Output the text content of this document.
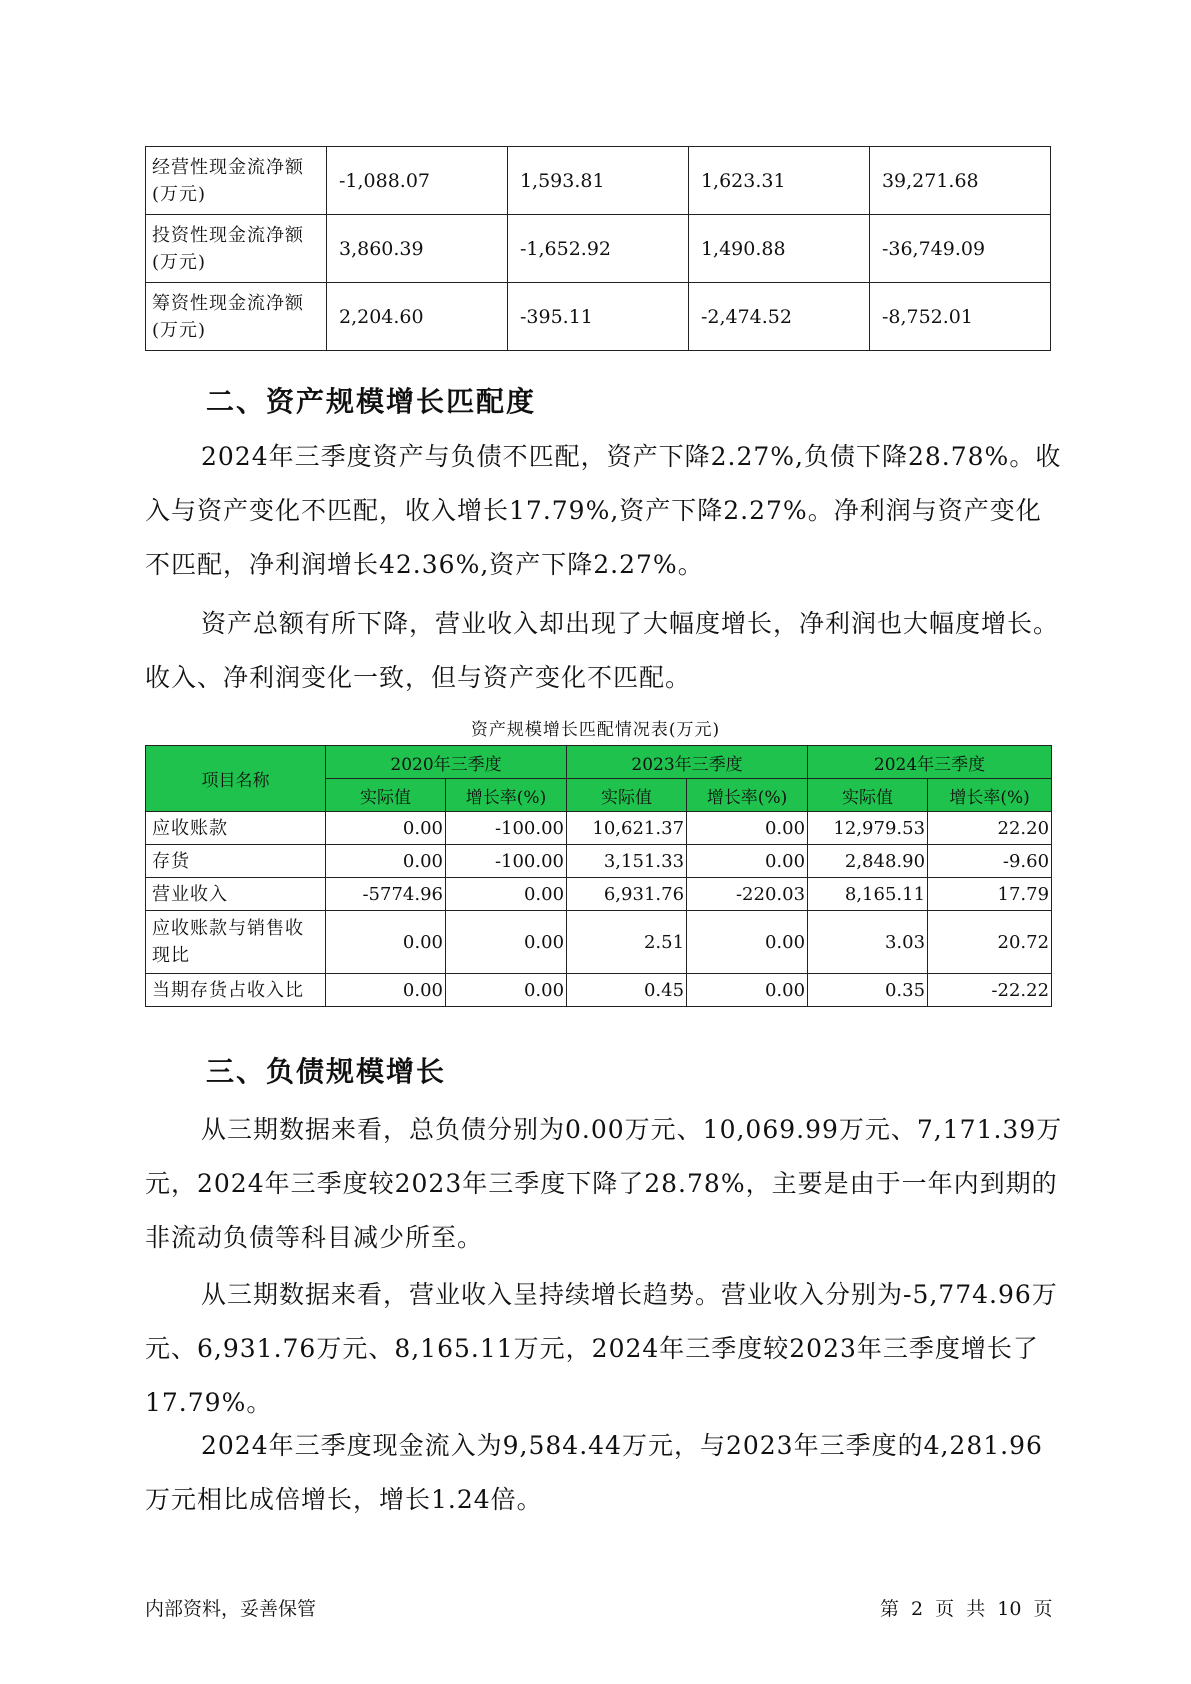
经营性现金流净额(万元)	-1,088.07	1,593.81	1,623.31	39,271.68
投资性现金流净额(万元)	3,860.39	-1,652.92	1,490.88	-36,749.09
筹资性现金流净额(万元)	2,204.60	-395.11	-2,474.52	-8,752.01
二、资产规模增长匹配度

2024年三季度资产与负债不匹配，资产下降2.27%,负债下降28.78%。收入与资产变化不匹配，收入增长17.79%,资产下降2.27%。净利润与资产变化不匹配，净利润增长42.36%,资产下降2.27%。

资产总额有所下降，营业收入却出现了大幅度增长，净利润也大幅度增长。收入、净利润变化一致，但与资产变化不匹配。

资产规模增长匹配情况表(万元)
项目名称	2020年三季度		2023年三季度		2024年三季度	
	实际值	增长率(%)	实际值	增长率(%)	实际值	增长率(%)
应收账款	0.00	-100.00	10,621.37	0.00	12,979.53	22.20
存货	0.00	-100.00	3,151.33	0.00	2,848.90	-9.60
营业收入	-5774.96	0.00	6,931.76	-220.03	8,165.11	17.79
应收账款与销售收现比	0.00	0.00	2.51	0.00	3.03	20.72
当期存货占收入比	0.00	0.00	0.45	0.00	0.35	-22.22
三、负债规模增长

从三期数据来看，总负债分别为0.00万元、10,069.99万元、7,171.39万元，2024年三季度较2023年三季度下降了28.78%，主要是由于一年内到期的非流动负债等科目减少所至。

从三期数据来看，营业收入呈持续增长趋势。营业收入分别为-5,774.96万元、6,931.76万元、8,165.11万元，2024年三季度较2023年三季度增长了17.79%。

2024年三季度现金流入为9,584.44万元，与2023年三季度的4,281.96万元相比成倍增长，增长1.24倍。

内部资料，妥善保管	第 2 页 共 10 页
